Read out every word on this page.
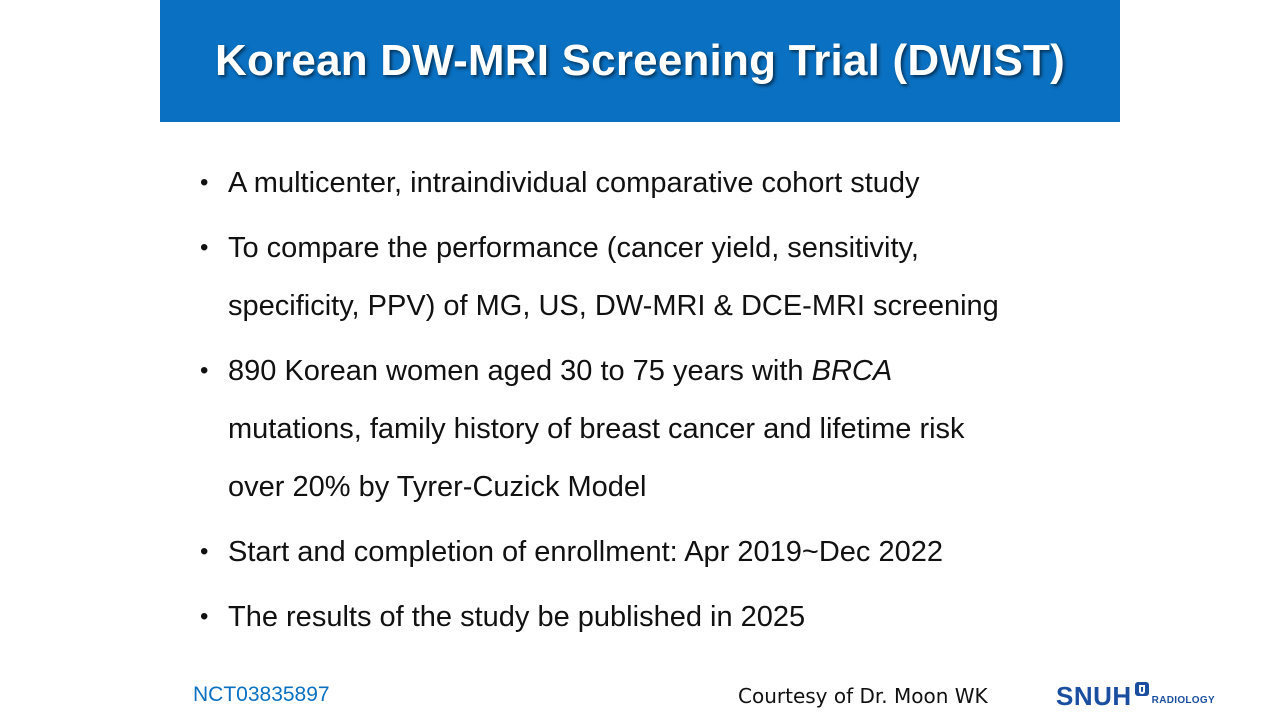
Korean DW-MRI Screening Trial (DWIST)
• A multicenter, intraindividual comparative cohort study
• To compare the performance (cancer yield, sensitivity,
specificity, PPV) of MG, US, DW-MRI & DCE-MRI screening
• 890 Korean women aged 30 to 75 years with BRCA
mutations, family history of breast cancer and lifetime risk
over 20% by Tyrer-Cuzick Model
• Start and completion of enrollment: Apr 2019~Dec 2022
• The results of the study be published in 2025
NCT03835897	Courtesy of Dr. Moon WK	SNUH RADIOLOGY
